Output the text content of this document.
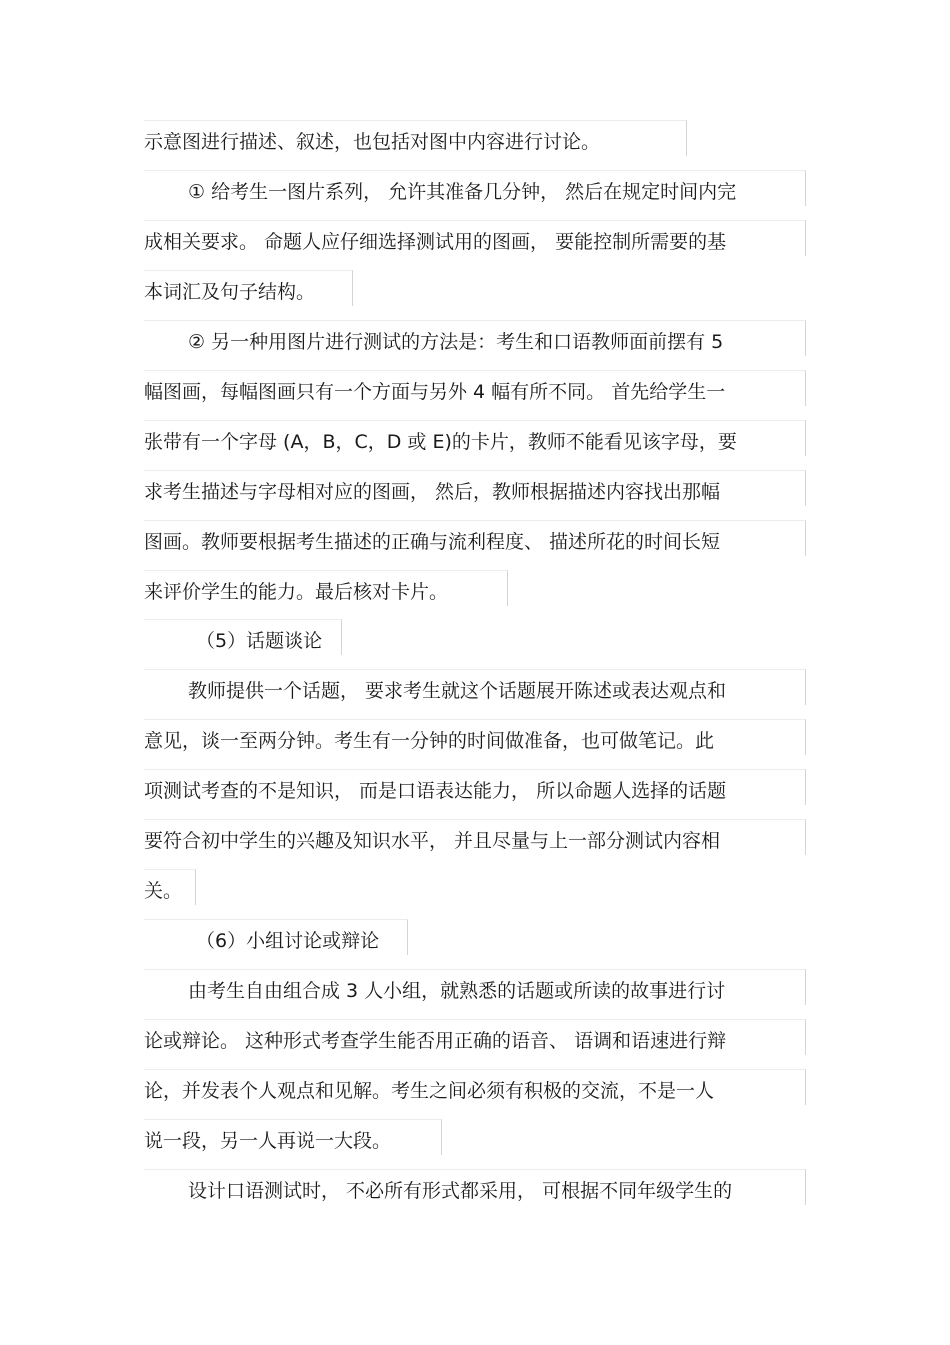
示意图进行描述、叙述，也包括对图中内容进行讨论。
① 给考生一图片系列， 允许其准备几分钟， 然后在规定时间内完
成相关要求。 命题人应仔细选择测试用的图画， 要能控制所需要的基
本词汇及句子结构。
② 另一种用图片进行测试的方法是：考生和口语教师面前摆有 5
幅图画，每幅图画只有一个方面与另外 4 幅有所不同。 首先给学生一
张带有一个字母 (A，B，C，D 或 E)的卡片，教师不能看见该字母，要
求考生描述与字母相对应的图画， 然后，教师根据描述内容找出那幅
图画。教师要根据考生描述的正确与流利程度、 描述所花的时间长短
来评价学生的能力。最后核对卡片。
（5）话题谈论
教师提供一个话题， 要求考生就这个话题展开陈述或表达观点和
意见，谈一至两分钟。考生有一分钟的时间做准备，也可做笔记。此
项测试考查的不是知识， 而是口语表达能力， 所以命题人选择的话题
要符合初中学生的兴趣及知识水平， 并且尽量与上一部分测试内容相
关。
（6）小组讨论或辩论
由考生自由组合成 3 人小组，就熟悉的话题或所读的故事进行讨
论或辩论。 这种形式考查学生能否用正确的语音、 语调和语速进行辩
论，并发表个人观点和见解。考生之间必须有积极的交流，不是一人
说一段，另一人再说一大段。
设计口语测试时， 不必所有形式都采用， 可根据不同年级学生的
